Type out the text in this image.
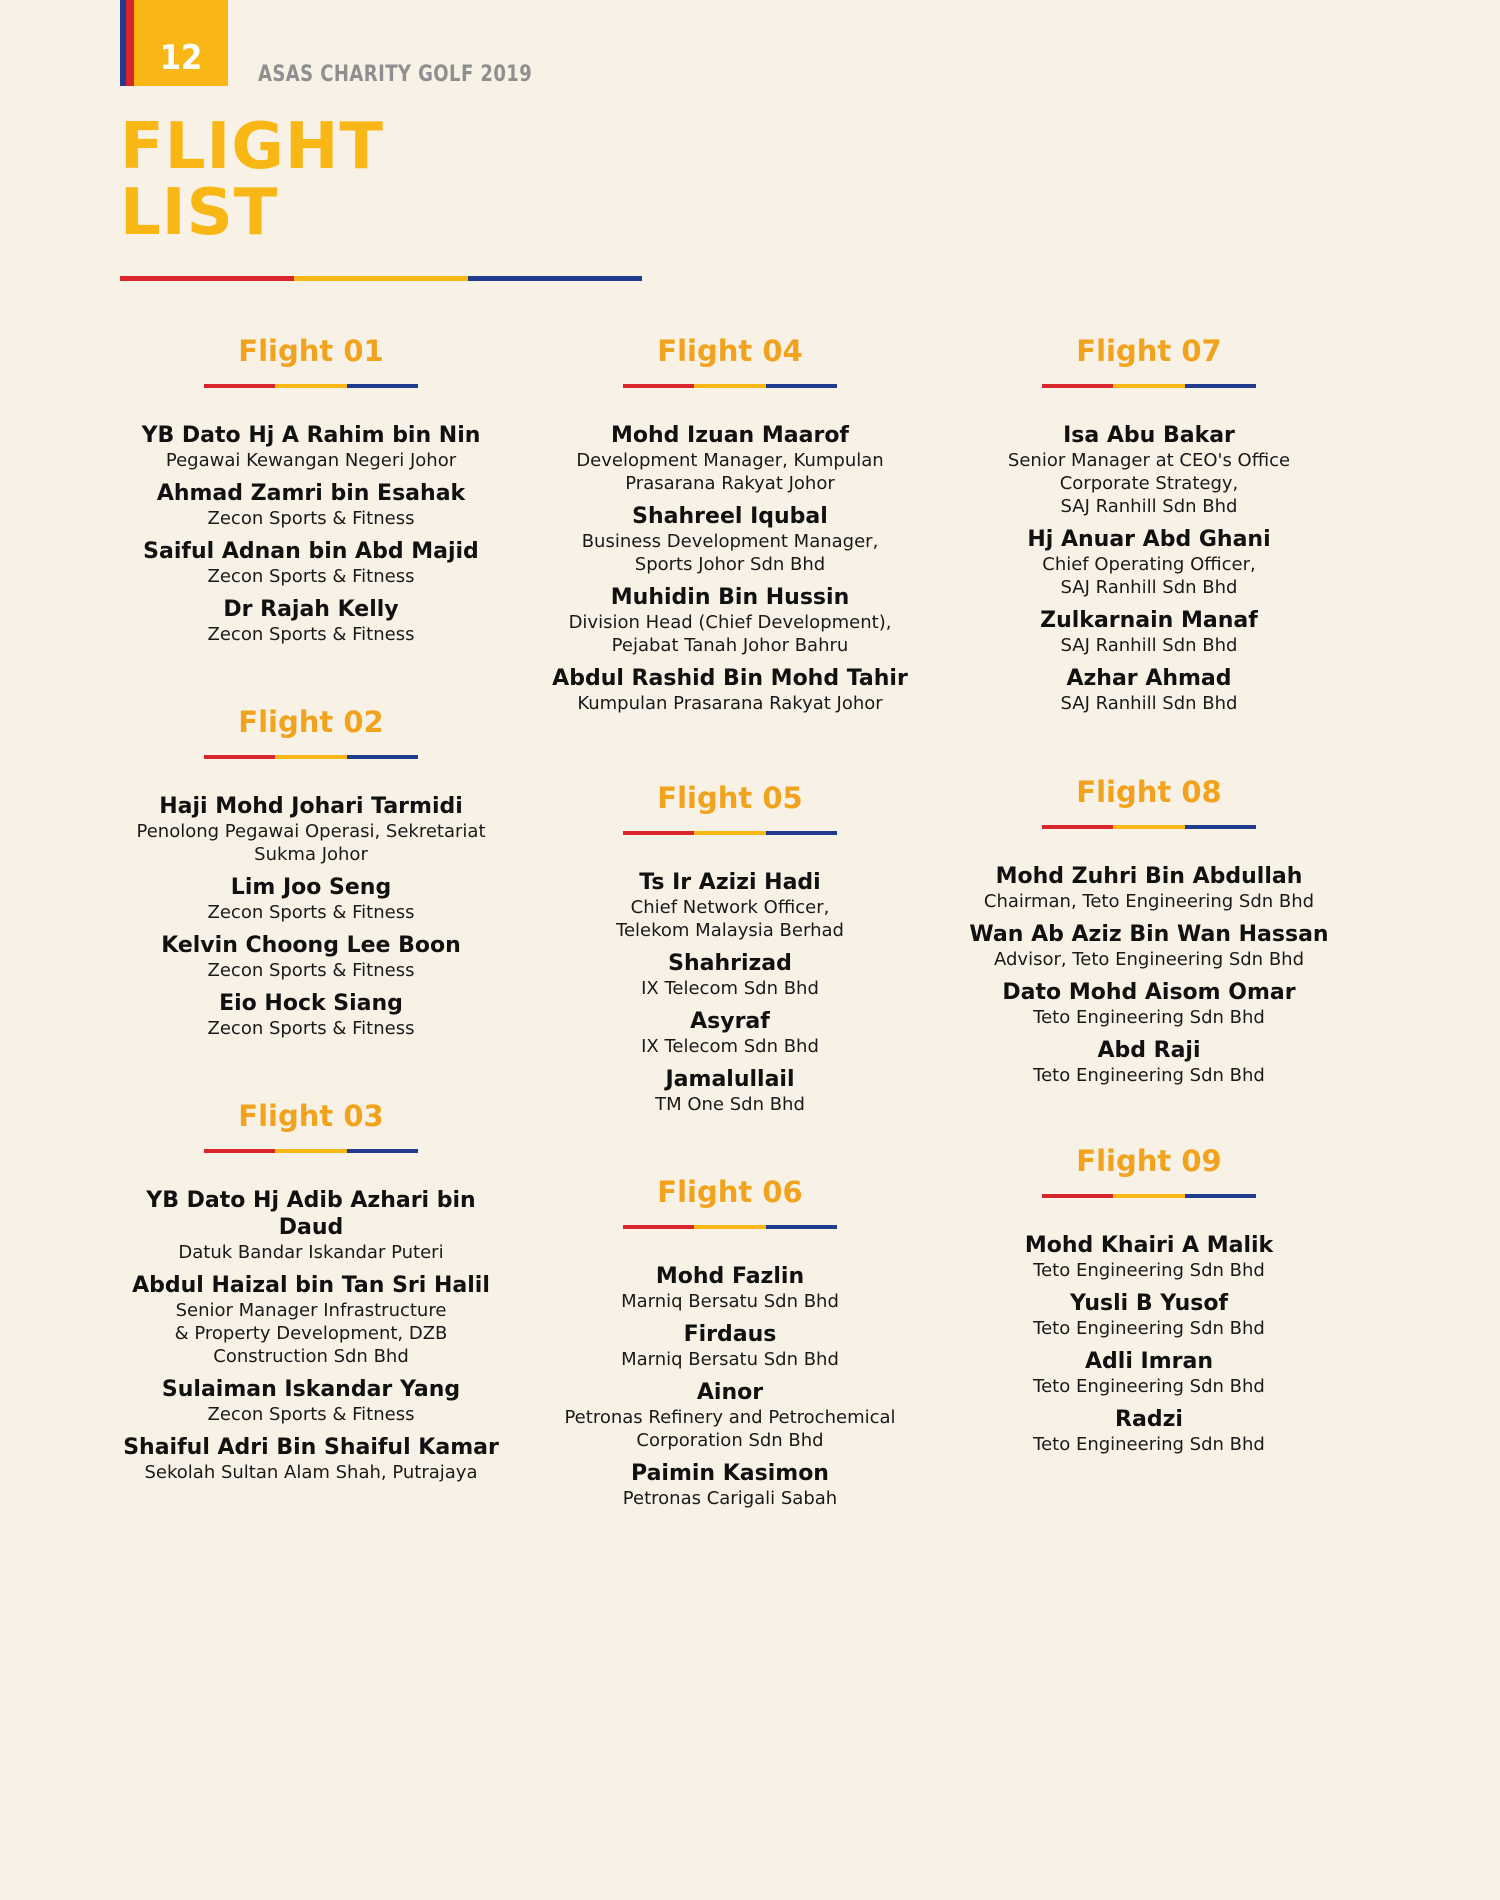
12	ASAS CHARITY GOLF 2019
FLIGHT
LIST
Flight 01
YB Dato Hj A Rahim bin Nin
Pegawai Kewangan Negeri Johor
Ahmad Zamri bin Esahak
Zecon Sports & Fitness
Saiful Adnan bin Abd Majid
Zecon Sports & Fitness
Dr Rajah Kelly
Zecon Sports & Fitness
Flight 02
Haji Mohd Johari Tarmidi
Penolong Pegawai Operasi, Sekretariat
Sukma Johor
Lim Joo Seng
Zecon Sports & Fitness
Kelvin Choong Lee Boon
Zecon Sports & Fitness
Eio Hock Siang
Zecon Sports & Fitness
Flight 03
YB Dato Hj Adib Azhari bin
Daud
Datuk Bandar Iskandar Puteri
Abdul Haizal bin Tan Sri Halil
Senior Manager Infrastructure
& Property Development, DZB
Construction Sdn Bhd
Sulaiman Iskandar Yang
Zecon Sports & Fitness
Shaiful Adri Bin Shaiful Kamar
Sekolah Sultan Alam Shah, Putrajaya
Flight 04
Mohd Izuan Maarof
Development Manager, Kumpulan
Prasarana Rakyat Johor
Shahreel Iqubal
Business Development Manager,
Sports Johor Sdn Bhd
Muhidin Bin Hussin
Division Head (Chief Development),
Pejabat Tanah Johor Bahru
Abdul Rashid Bin Mohd Tahir
Kumpulan Prasarana Rakyat Johor
Flight 05
Ts Ir Azizi Hadi
Chief Network Officer,
Telekom Malaysia Berhad
Shahrizad
IX Telecom Sdn Bhd
Asyraf
IX Telecom Sdn Bhd
Jamalullail
TM One Sdn Bhd
Flight 06
Mohd Fazlin
Marniq Bersatu Sdn Bhd
Firdaus
Marniq Bersatu Sdn Bhd
Ainor
Petronas Refinery and Petrochemical
Corporation Sdn Bhd
Paimin Kasimon
Petronas Carigali Sabah
Flight 07
Isa Abu Bakar
Senior Manager at CEO's Office
Corporate Strategy,
SAJ Ranhill Sdn Bhd
Hj Anuar Abd Ghani
Chief Operating Officer,
SAJ Ranhill Sdn Bhd
Zulkarnain Manaf
SAJ Ranhill Sdn Bhd
Azhar Ahmad
SAJ Ranhill Sdn Bhd
Flight 08
Mohd Zuhri Bin Abdullah
Chairman, Teto Engineering Sdn Bhd
Wan Ab Aziz Bin Wan Hassan
Advisor, Teto Engineering Sdn Bhd
Dato Mohd Aisom Omar
Teto Engineering Sdn Bhd
Abd Raji
Teto Engineering Sdn Bhd
Flight 09
Mohd Khairi A Malik
Teto Engineering Sdn Bhd
Yusli B Yusof
Teto Engineering Sdn Bhd
Adli Imran
Teto Engineering Sdn Bhd
Radzi
Teto Engineering Sdn Bhd
